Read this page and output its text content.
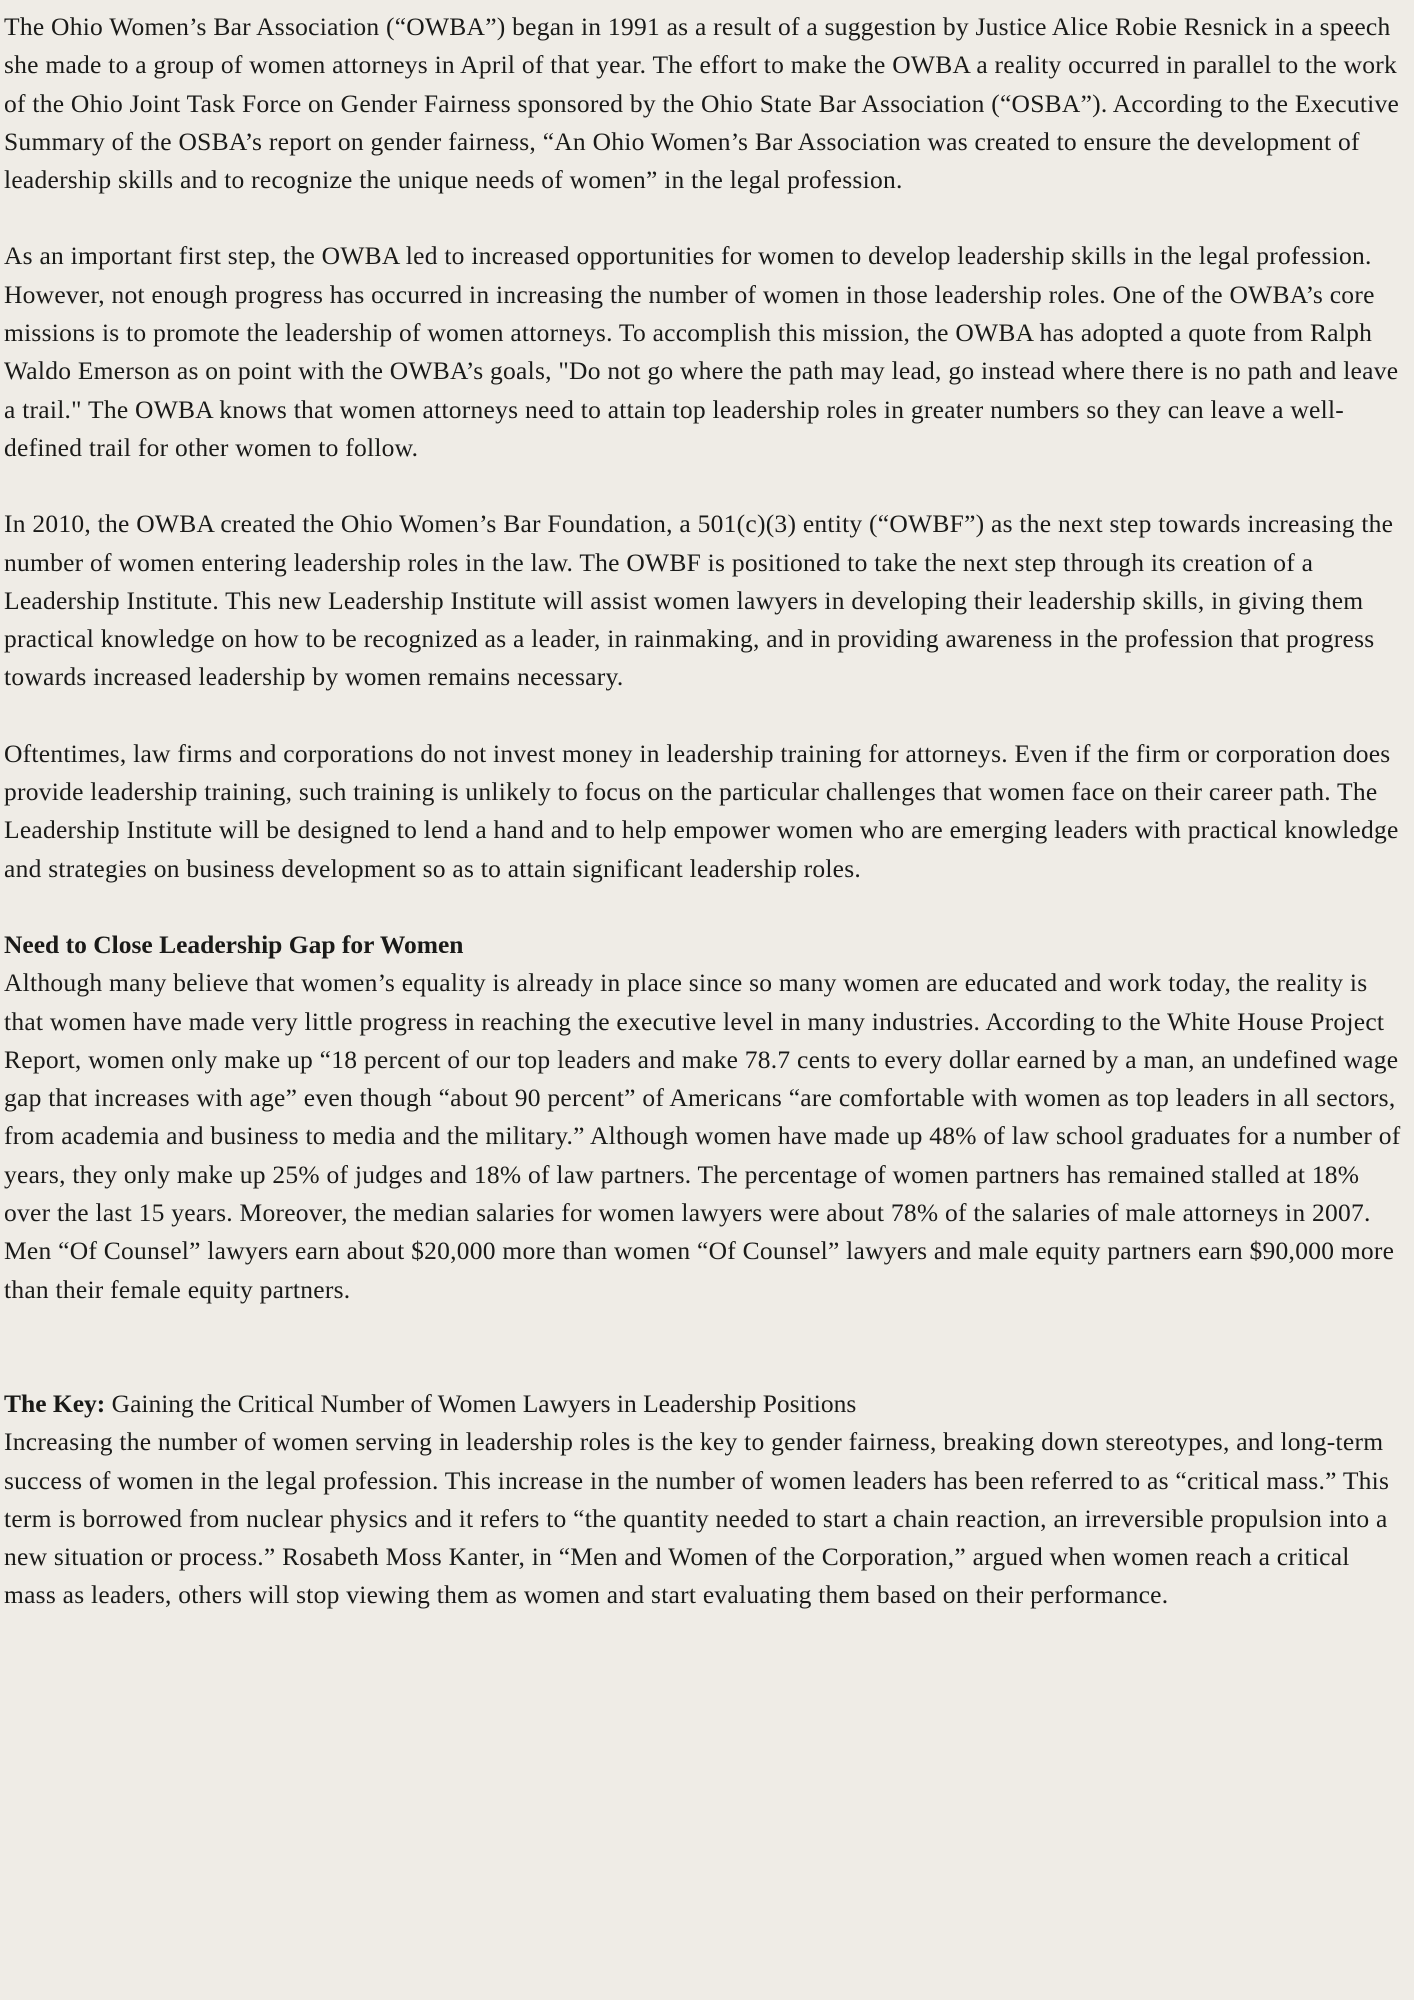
The Ohio Women’s Bar Association (“OWBA”) began in 1991 as a result of a suggestion by Justice Alice Robie Resnick in a speech she made to a group of women attorneys in April of that year. The effort to make the OWBA a reality occurred in parallel to the work of the Ohio Joint Task Force on Gender Fairness sponsored by the Ohio State Bar Association (“OSBA”). According to the Executive Summary of the OSBA’s report on gender fairness, “An Ohio Women’s Bar Association was created to ensure the development of leadership skills and to recognize the unique needs of women” in the legal profession.

As an important first step, the OWBA led to increased opportunities for women to develop leadership skills in the legal profession. However, not enough progress has occurred in increasing the number of women in those leadership roles. One of the OWBA’s core missions is to promote the leadership of women attorneys. To accomplish this mission, the OWBA has adopted a quote from Ralph Waldo Emerson as on point with the OWBA’s goals, "Do not go where the path may lead, go instead where there is no path and leave a trail." The OWBA knows that women attorneys need to attain top leadership roles in greater numbers so they can leave a well-defined trail for other women to follow.

In 2010, the OWBA created the Ohio Women’s Bar Foundation, a 501(c)(3) entity (“OWBF”) as the next step towards increasing the number of women entering leadership roles in the law. The OWBF is positioned to take the next step through its creation of a Leadership Institute. This new Leadership Institute will assist women lawyers in developing their leadership skills, in giving them practical knowledge on how to be recognized as a leader, in rainmaking, and in providing awareness in the profession that progress towards increased leadership by women remains necessary.

Oftentimes, law firms and corporations do not invest money in leadership training for attorneys. Even if the firm or corporation does provide leadership training, such training is unlikely to focus on the particular challenges that women face on their career path. The Leadership Institute will be designed to lend a hand and to help empower women who are emerging leaders with practical knowledge and strategies on business development so as to attain significant leadership roles.

Need to Close Leadership Gap for Women

Although many believe that women’s equality is already in place since so many women are educated and work today, the reality is that women have made very little progress in reaching the executive level in many industries. According to the White House Project Report, women only make up “18 percent of our top leaders and make 78.7 cents to every dollar earned by a man, an undefined wage gap that increases with age” even though “about 90 percent” of Americans “are comfortable with women as top leaders in all sectors, from academia and business to media and the military.” Although women have made up 48% of law school graduates for a number of years, they only make up 25% of judges and 18% of law partners. The percentage of women partners has remained stalled at 18% over the last 15 years. Moreover, the median salaries for women lawyers were about 78% of the salaries of male attorneys in 2007. Men “Of Counsel” lawyers earn about $20,000 more than women “Of Counsel” lawyers and male equity partners earn $90,000 more than their female equity partners.

The Key: Gaining the Critical Number of Women Lawyers in Leadership Positions

Increasing the number of women serving in leadership roles is the key to gender fairness, breaking down stereotypes, and long-term success of women in the legal profession. This increase in the number of women leaders has been referred to as “critical mass.” This term is borrowed from nuclear physics and it refers to “the quantity needed to start a chain reaction, an irreversible propulsion into a new situation or process.” Rosabeth Moss Kanter, in “Men and Women of the Corporation,” argued when women reach a critical mass as leaders, others will stop viewing them as women and start evaluating them based on their performance.
